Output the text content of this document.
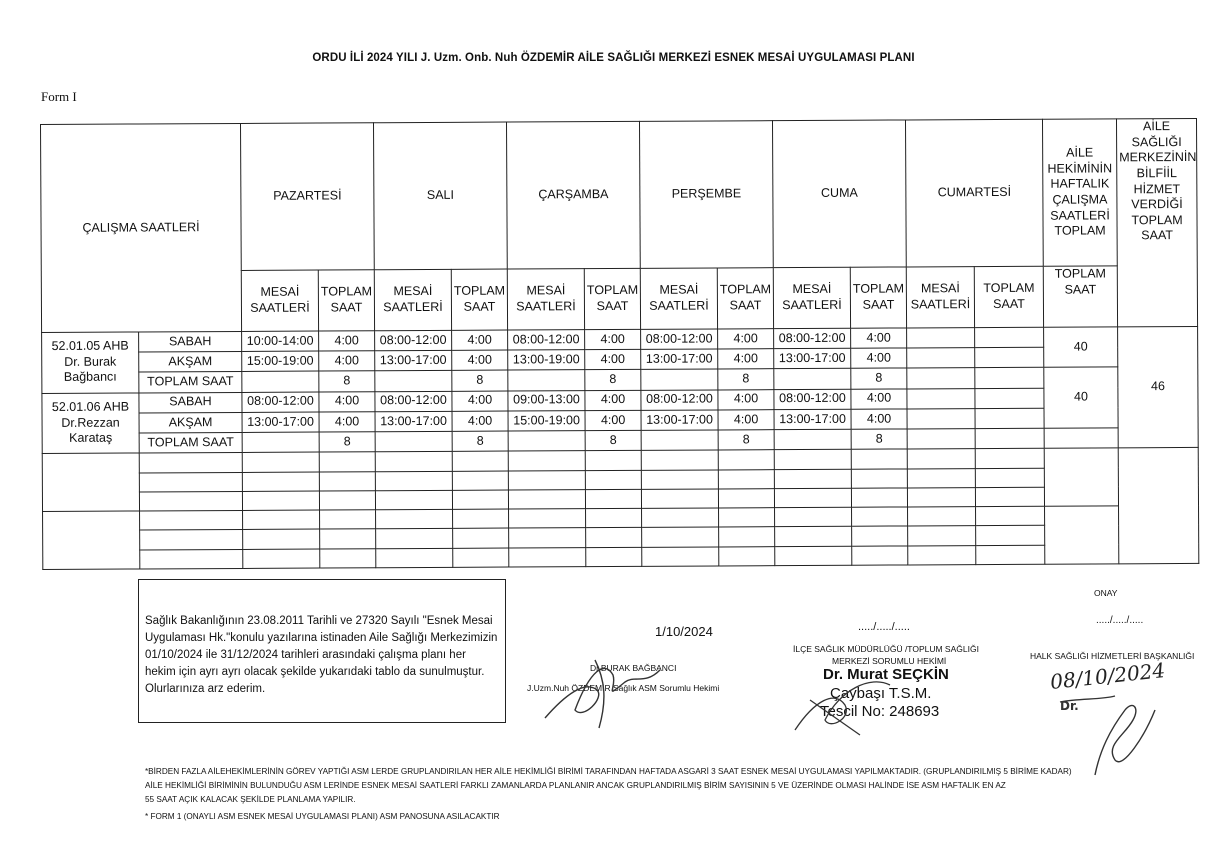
ORDU İLİ 2024 YILI J. Uzm. Onb. Nuh ÖZDEMİR AİLE SAĞLIĞI MERKEZİ ESNEK MESAİ UYGULAMASI PLANI
Form I
ÇALIŞMA SAATLERİ		PAZARTESİ		SALI		ÇARŞAMBA		PERŞEMBE		CUMA		CUMARTESİ		AİLE HEKİMİNİN HAFTALIK ÇALIŞMA SAATLERİ TOPLAM	AİLE SAĞLIĞI MERKEZİNİN BİLFİİL HİZMET VERDİĞİ TOPLAM SAAT
		MESAİ SAATLERİ	TOPLAM SAAT	MESAİ SAATLERİ	TOPLAM SAAT	MESAİ SAATLERİ	TOPLAM SAAT	MESAİ SAATLERİ	TOPLAM SAAT	MESAİ SAATLERİ	TOPLAM SAAT	MESAİ SAATLERİ	TOPLAM SAAT	TOPLAM SAAT	
52.01.05 AHB Dr. Burak Bağbancı	SABAH	10:00-14:00	4:00	08:00-12:00	4:00	08:00-12:00	4:00	08:00-12:00	4:00	08:00-12:00	4:00			40	46
	AKŞAM	15:00-19:00	4:00	13:00-17:00	4:00	13:00-19:00	4:00	13:00-17:00	4:00	13:00-17:00	4:00				
	TOPLAM SAAT		8		8		8		8		8			40	
52.01.06 AHB Dr.Rezzan Karataş	SABAH	08:00-12:00	4:00	08:00-12:00	4:00	09:00-13:00	4:00	08:00-12:00	4:00	08:00-12:00	4:00				
	AKŞAM	13:00-17:00	4:00	13:00-17:00	4:00	15:00-19:00	4:00	13:00-17:00	4:00	13:00-17:00	4:00				
	TOPLAM SAAT		8		8		8		8		8				

Sağlık Bakanlığının 23.08.2011 Tarihli ve 27320 Sayılı "Esnek Mesai Uygulaması Hk."konulu yazılarına istinaden Aile Sağlığı Merkezimizin 01/10/2024 ile 31/12/2024 tarihleri arasındaki çalışma planı her hekim için ayrı ayrı olacak şekilde yukarıdaki tablo da sunulmuştur.
Olurlarınıza arz ederim.
1/10/2024
Dr.BURAK BAĞBANCI
J.Uzm.Nuh ÖZDEMİR Sağlık ASM Sorumlu Hekimi
...../...../.....
İLÇE SAĞLIK MÜDÜRLÜĞÜ /TOPLUM SAĞLIĞI
MERKEZİ SORUMLU HEKİMİ
Dr. Murat SEÇKİN
Çaybaşı T.S.M.
Tescil No: 248693
ONAY
...../...../.....
HALK SAĞLIĞI HİZMETLERİ BAŞKANLIĞI
08/10/2024
Dr.
*BİRDEN FAZLA AİLEHEKİMLERİNİN GÖREV YAPTIĞI ASM LERDE GRUPLANDIRILAN HER AİLE HEKİMLİĞİ BİRİMİ TARAFINDAN HAFTADA ASGARİ 3 SAAT ESNEK MESAİ UYGULAMASI YAPILMAKTADIR. (GRUPLANDIRILMIŞ 5 BİRİME KADAR)
AİLE HEKİMLİĞİ BİRİMİNİN BULUNDUĞU ASM LERİNDE ESNEK MESAİ SAATLERİ FARKLI ZAMANLARDA PLANLANIR ANCAK GRUPLANDIRILMIŞ BİRİM SAYISININ 5 VE ÜZERİNDE OLMASI HALİNDE İSE ASM HAFTALIK EN AZ
55 SAAT AÇIK KALACAK ŞEKİLDE PLANLAMA YAPILIR.
* FORM 1 (ONAYLI ASM ESNEK MESAİ UYGULAMASI PLANI) ASM PANOSUNA ASILACAKTIR
